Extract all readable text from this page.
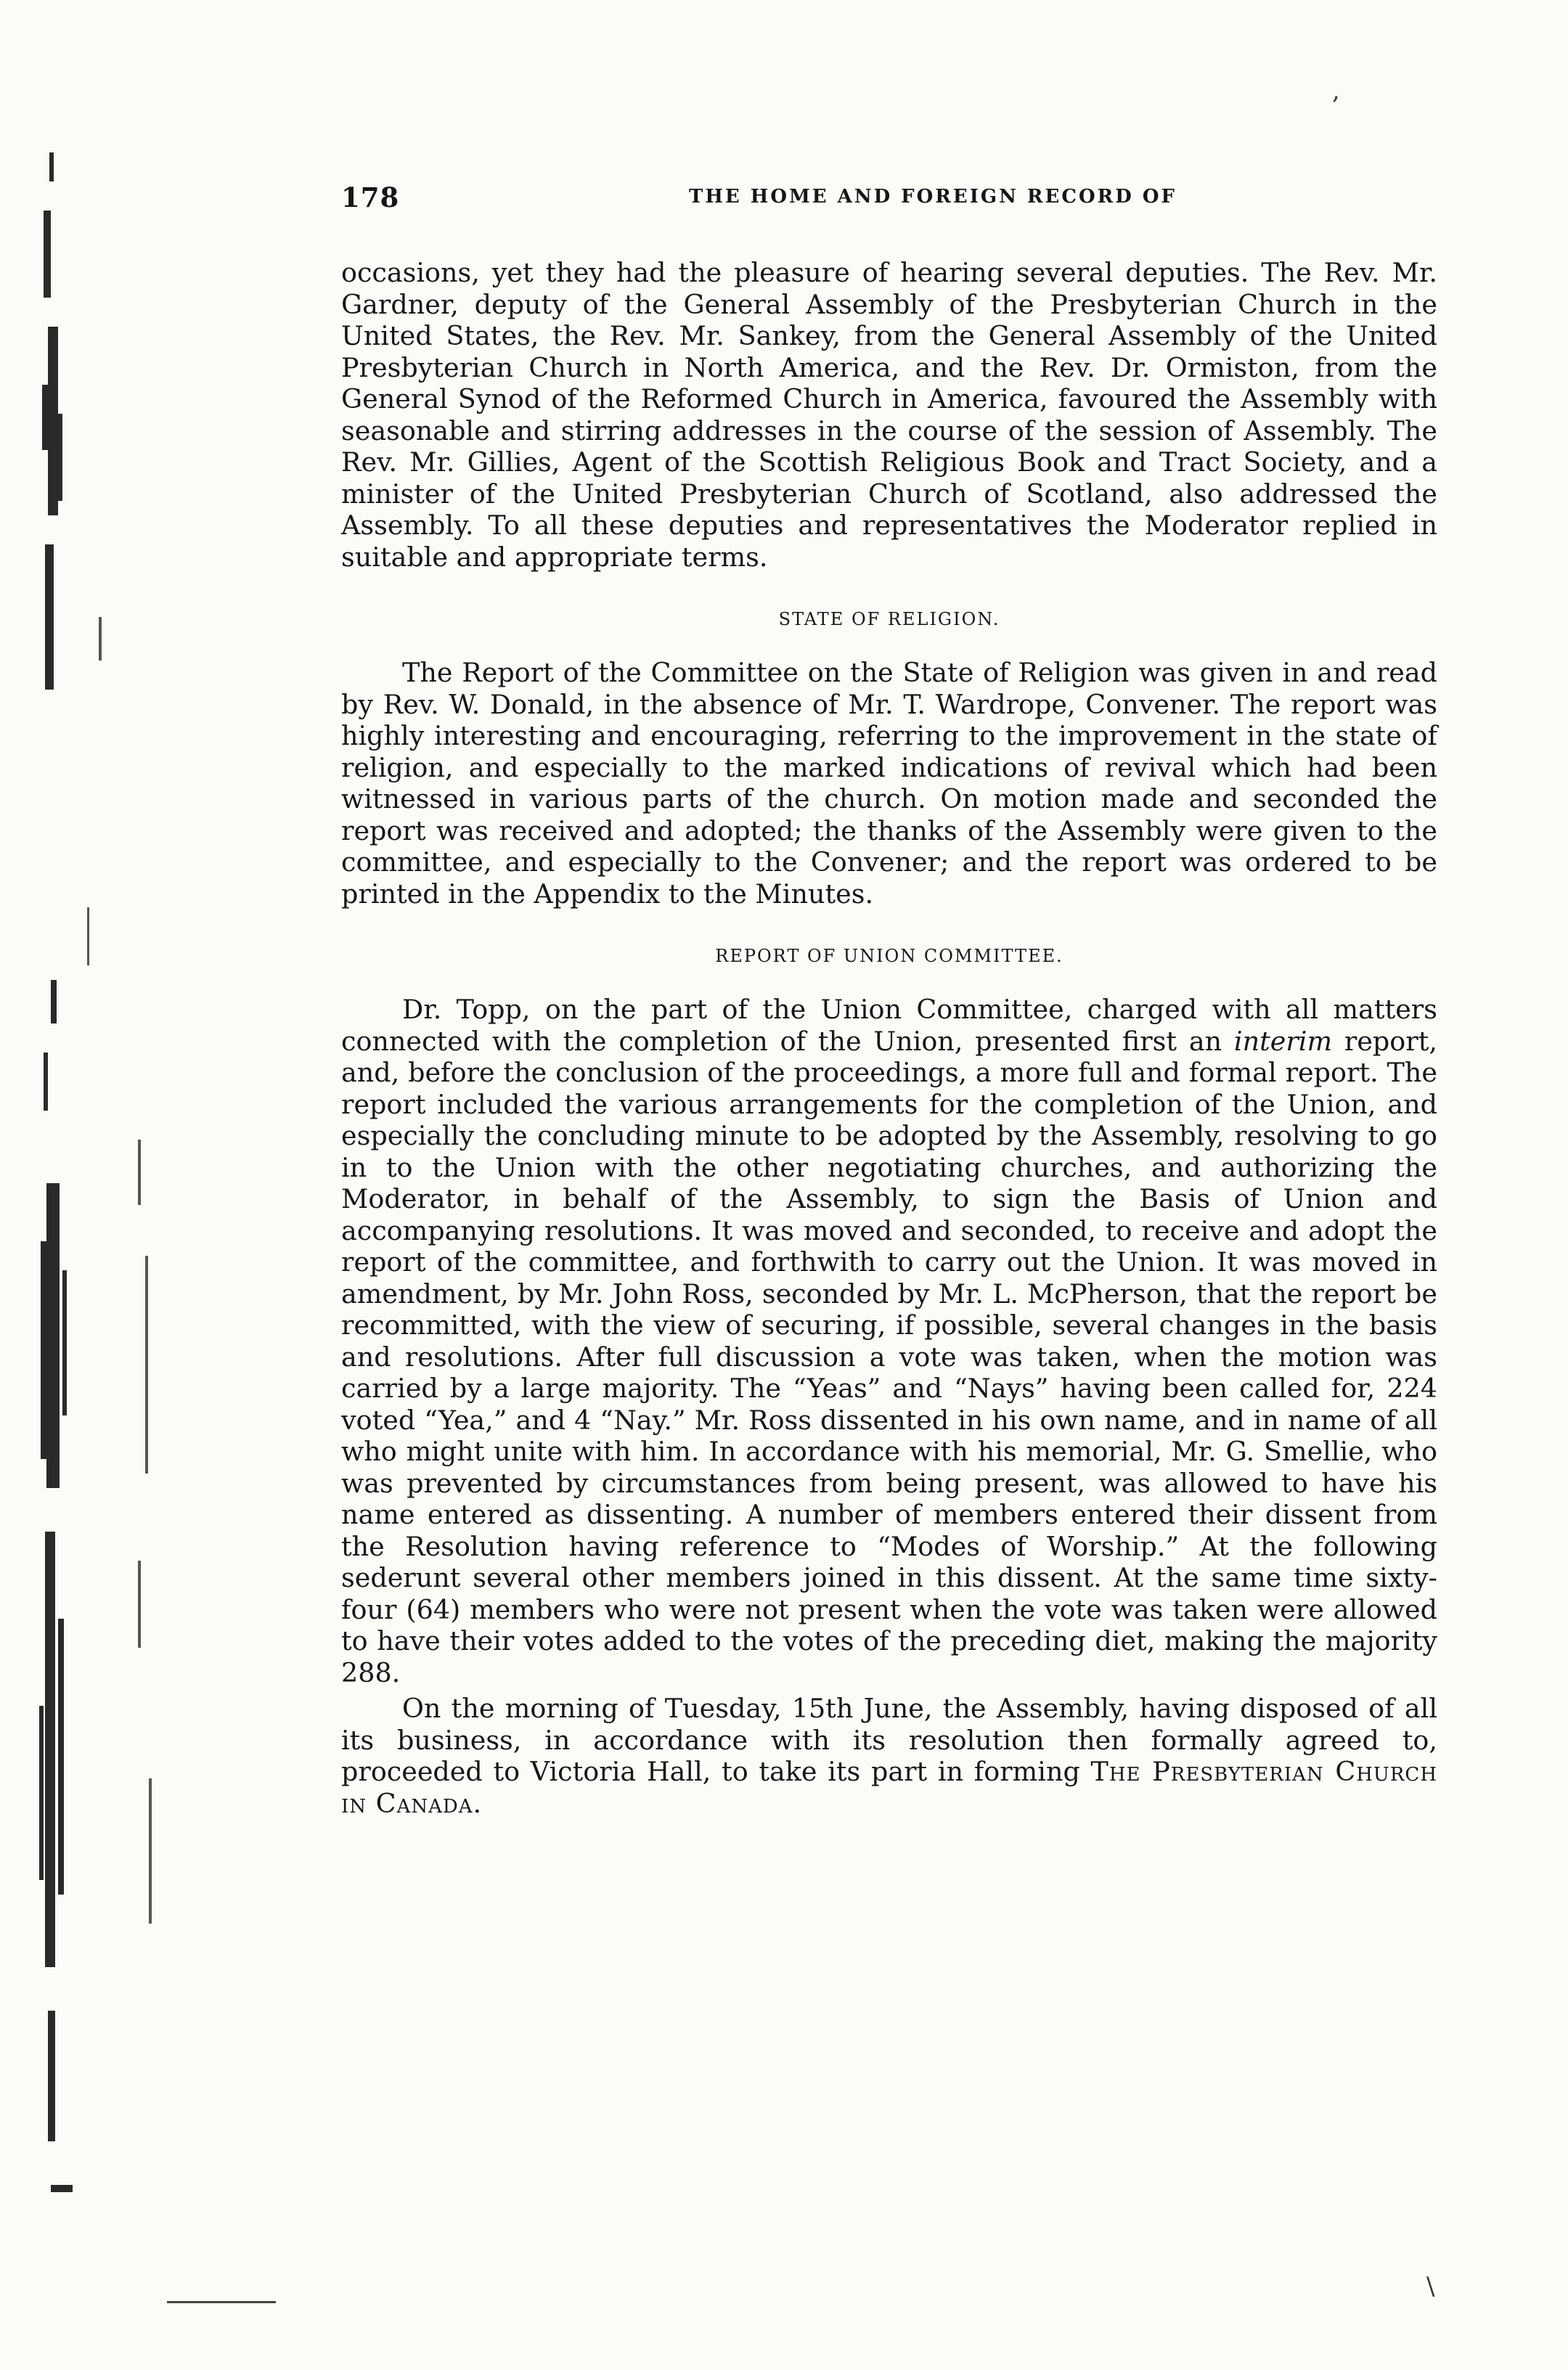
178	THE HOME AND FOREIGN RECORD OF

occasions, yet they had the pleasure of hearing several deputies. The Rev. Mr. Gardner, deputy of the General Assembly of the Presbyterian Church in the United States, the Rev. Mr. Sankey, from the General Assembly of the United Presbyterian Church in North America, and the Rev. Dr. Ormiston, from the General Synod of the Reformed Church in America, favoured the Assembly with seasonable and stirring addresses in the course of the session of Assembly. The Rev. Mr. Gillies, Agent of the Scottish Religious Book and Tract Society, and a minister of the United Presbyterian Church of Scotland, also addressed the Assembly. To all these deputies and representatives the Moderator replied in suitable and appropriate terms.

STATE OF RELIGION.

The Report of the Committee on the State of Religion was given in and read by Rev. W. Donald, in the absence of Mr. T. Wardrope, Convener. The report was highly interesting and encouraging, referring to the improvement in the state of religion, and especially to the marked indications of revival which had been witnessed in various parts of the church. On motion made and seconded the report was received and adopted; the thanks of the Assembly were given to the committee, and especially to the Convener; and the report was ordered to be printed in the Appendix to the Minutes.

REPORT OF UNION COMMITTEE.

Dr. Topp, on the part of the Union Committee, charged with all matters connected with the completion of the Union, presented first an interim report, and, before the conclusion of the proceedings, a more full and formal report. The report included the various arrangements for the completion of the Union, and especially the concluding minute to be adopted by the Assembly, resolving to go in to the Union with the other negotiating churches, and authorizing the Moderator, in behalf of the Assembly, to sign the Basis of Union and accompanying resolutions. It was moved and seconded, to receive and adopt the report of the committee, and forthwith to carry out the Union. It was moved in amendment, by Mr. John Ross, seconded by Mr. L. McPherson, that the report be recommitted, with the view of securing, if possible, several changes in the basis and resolutions. After full discussion a vote was taken, when the motion was carried by a large majority. The “Yeas” and “Nays” having been called for, 224 voted “Yea,” and 4 “Nay.” Mr. Ross dissented in his own name, and in name of all who might unite with him. In accordance with his memorial, Mr. G. Smellie, who was prevented by circumstances from being present, was allowed to have his name entered as dissenting. A number of members entered their dissent from the Resolution having reference to “Modes of Worship.” At the following sederunt several other members joined in this dissent. At the same time sixty-four (64) members who were not present when the vote was taken were allowed to have their votes added to the votes of the preceding diet, making the majority 288.

On the morning of Tuesday, 15th June, the Assembly, having disposed of all its business, in accordance with its resolution then formally agreed to, proceeded to Victoria Hall, to take its part in forming The Presbyterian Church in Canada.

,
\
